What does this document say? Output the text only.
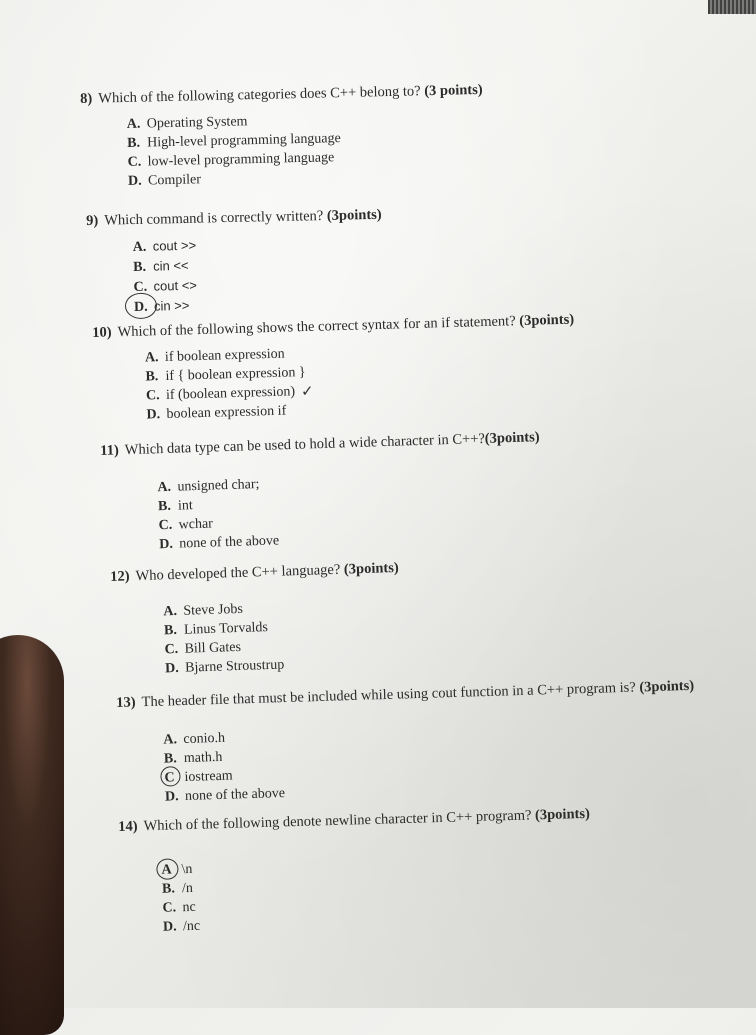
8) Which of the following categories does C++ belong to? (3 points)
A. Operating System
B. High-level programming language
C. low-level programming language
D. Compiler
9) Which command is correctly written? (3points)
A. cout >>
B. cin <<
C. cout <>
D. cin >>
10) Which of the following shows the correct syntax for an if statement? (3points)
A. if boolean expression
B. if { boolean expression }
C. if (boolean expression) ✓
D. boolean expression if
11) Which data type can be used to hold a wide character in C++?(3points)
A. unsigned char;
B. int
C. wchar
D. none of the above
12) Who developed the C++ language? (3points)
A. Steve Jobs
B. Linus Torvalds
C. Bill Gates
D. Bjarne Stroustrup
13) The header file that must be included while using cout function in a C++ program is? (3points)
A. conio.h
B. math.h
C iostream
D. none of the above
14) Which of the following denote newline character in C++ program? (3points)
A \n
B. /n
C. nc
D. /nc
